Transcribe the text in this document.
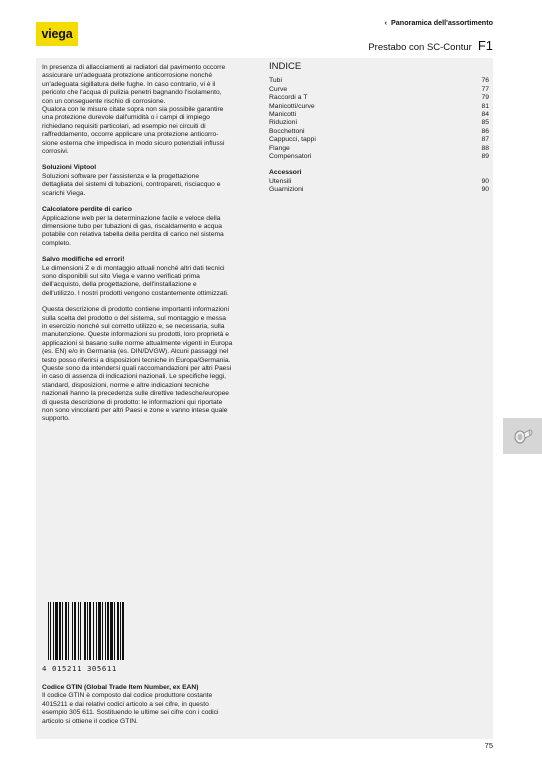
viega
‹ Panoramica dell'assortimento
Prestabo con SC-Contur F1

In presenza di allacciamenti ai radiatori dal pavimento occorre

assicurare un'adeguata protezione anticorrosione nonché

un'adeguata sigillatura delle fughe. In caso contrario, vi è il

pericolo che l'acqua di pulizia penetri bagnando l'isolamento,

con un conseguente rischio di corrosione.

Qualora con le misure citate sopra non sia possibile garantire

una protezione durevole dall'umidità o i campi di impiego

richiedano requisiti particolari, ad esempio nei circuiti di

raffreddamento, occorre applicare una protezione anticorro-

sione esterna che impedisca in modo sicuro potenziali influssi

corrosivi.

Soluzioni Viptool

Soluzioni software per l'assistenza e la progettazione

dettagliata dei sistemi di tubazioni, contropareti, risciacquo e

scarichi Viega.

Calcolatore perdite di carico

Applicazione web per la determinazione facile e veloce della

dimensione tubo per tubazioni di gas, riscaldamento e acqua

potabile con relativa tabella della perdita di carico nel sistema

completo.

Salvo modifiche ed errori!

Le dimensioni Z e di montaggio attuali nonché altri dati tecnici

sono disponibili sul sito Viega e vanno verificati prima

dell'acquisto, della progettazione, dell'installazione e

dell'utilizzo. I nostri prodotti vengono costantemente ottimizzati.

Questa descrizione di prodotto contiene importanti informazioni

sulla scelta del prodotto o del sistema, sul montaggio e messa

in esercizio nonché sul corretto utilizzo e, se necessaria, sulla

manutenzione. Queste informazioni su prodotti, loro proprietà e

applicazioni si basano sulle norme attualmente vigenti in Europa

(es. EN) e/o in Germania (es. DIN/DVGW). Alcuni passaggi nel

testo posso riferirsi a disposizioni tecniche in Europa/Germania.

Queste sono da intendersi quali raccomandazioni per altri Paesi

in caso di assenza di indicazioni nazionali. Le specifiche leggi,

standard, disposizioni, norme e altre indicazioni tecniche

nazionali hanno la precedenza sulle direttive tedesche/europee

di questa descrizione di prodotto: le informazioni qui riportate

non sono vincolanti per altri Paesi e zone e vanno intese quale

supporto.

INDICE
Tubi	76
Curve	77
Raccordi a T	79
Manicotti/curve	81
Manicotti	84
Riduzioni	85
Bocchettoni	86
Cappucci, tappi	87
Flange	88
Compensatori	89
Accessori
Utensili	90
Guarnizioni	90
4 015211 305611

Codice GTIN (Global Trade Item Number, ex EAN)

Il codice GTIN è composto dal codice produttore costante

4015211 e dai relativi codici articolo a sei cifre, in questo

esempio 305 611. Sostituendo le ultime sei cifre con i codici

articolo si ottiene il codice GTIN.

75
